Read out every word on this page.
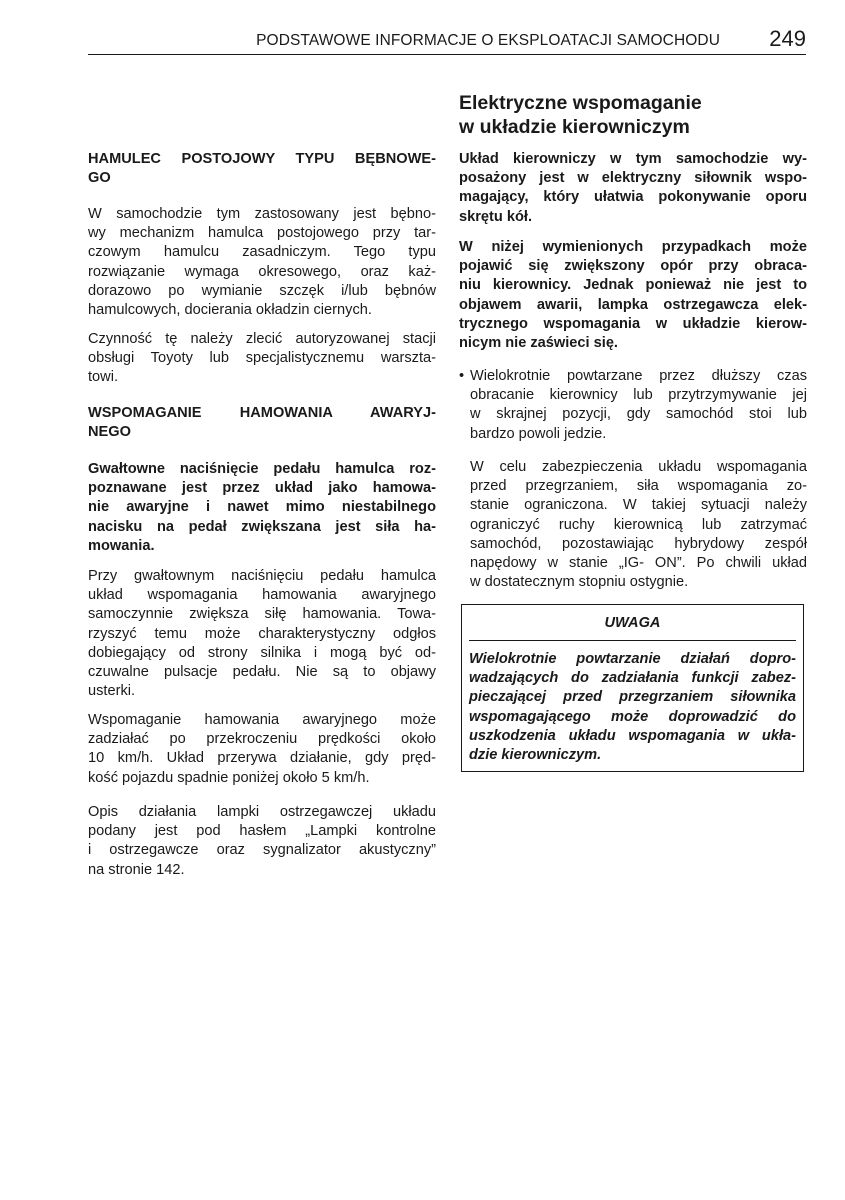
PODSTAWOWE INFORMACJE O EKSPLOATACJI SAMOCHODU 249
HAMULEC POSTOJOWY TYPU BĘBNOWE-
GO
W samochodzie tym zastosowany jest bębno-
wy mechanizm hamulca postojowego przy tar-
czowym hamulcu zasadniczym. Tego typu
rozwiązanie wymaga okresowego, oraz każ-
dorazowo po wymianie szczęk i/lub bębnów
hamulcowych, docierania okładzin ciernych.
Czynność tę należy zlecić autoryzowanej stacji
obsługi Toyoty lub specjalistycznemu warszta-
towi.
WSPOMAGANIE HAMOWANIA AWARYJ-
NEGO
Gwałtowne naciśnięcie pedału hamulca roz-
poznawane jest przez układ jako hamowa-
nie awaryjne i nawet mimo niestabilnego
nacisku na pedał zwiększana jest siła ha-
mowania.
Przy gwałtownym naciśnięciu pedału hamulca
układ wspomagania hamowania awaryjnego
samoczynnie zwiększa siłę hamowania. Towa-
rzyszyć temu może charakterystyczny odgłos
dobiegający od strony silnika i mogą być od-
czuwalne pulsacje pedału. Nie są to objawy
usterki.
Wspomaganie hamowania awaryjnego może
zadziałać po przekroczeniu prędkości około
10 km/h. Układ przerywa działanie, gdy pręd-
kość pojazdu spadnie poniżej około 5 km/h.
Opis działania lampki ostrzegawczej układu
podany jest pod hasłem „Lampki kontrolne
i ostrzegawcze oraz sygnalizator akustyczny”
na stronie 142.
Elektryczne wspomaganie
w układzie kierowniczym
Układ kierowniczy w tym samochodzie wy-
posażony jest w elektryczny siłownik wspo-
magający, który ułatwia pokonywanie oporu
skrętu kół.
W niżej wymienionych przypadkach może
pojawić się zwiększony opór przy obraca-
niu kierownicy. Jednak ponieważ nie jest to
objawem awarii, lampka ostrzegawcza elek-
trycznego wspomagania w układzie kierow-
nicym nie zaświeci się.
• Wielokrotnie powtarzane przez dłuższy czas
obracanie kierownicy lub przytrzymywanie jej
w skrajnej pozycji, gdy samochód stoi lub
bardzo powoli jedzie.
W celu zabezpieczenia układu wspomagania
przed przegrzaniem, siła wspomagania zo-
stanie ograniczona. W takiej sytuacji należy
ograniczyć ruchy kierownicą lub zatrzymać
samochód, pozostawiając hybrydowy zespół
napędowy w stanie „IG- ON”. Po chwili układ
w dostatecznym stopniu ostygnie.
UWAGA
Wielokrotnie powtarzanie działań dopro-
wadzających do zadziałania funkcji zabez-
pieczającej przed przegrzaniem siłownika
wspomagającego może doprowadzić do
uszkodzenia układu wspomagania w ukła-
dzie kierowniczym.
